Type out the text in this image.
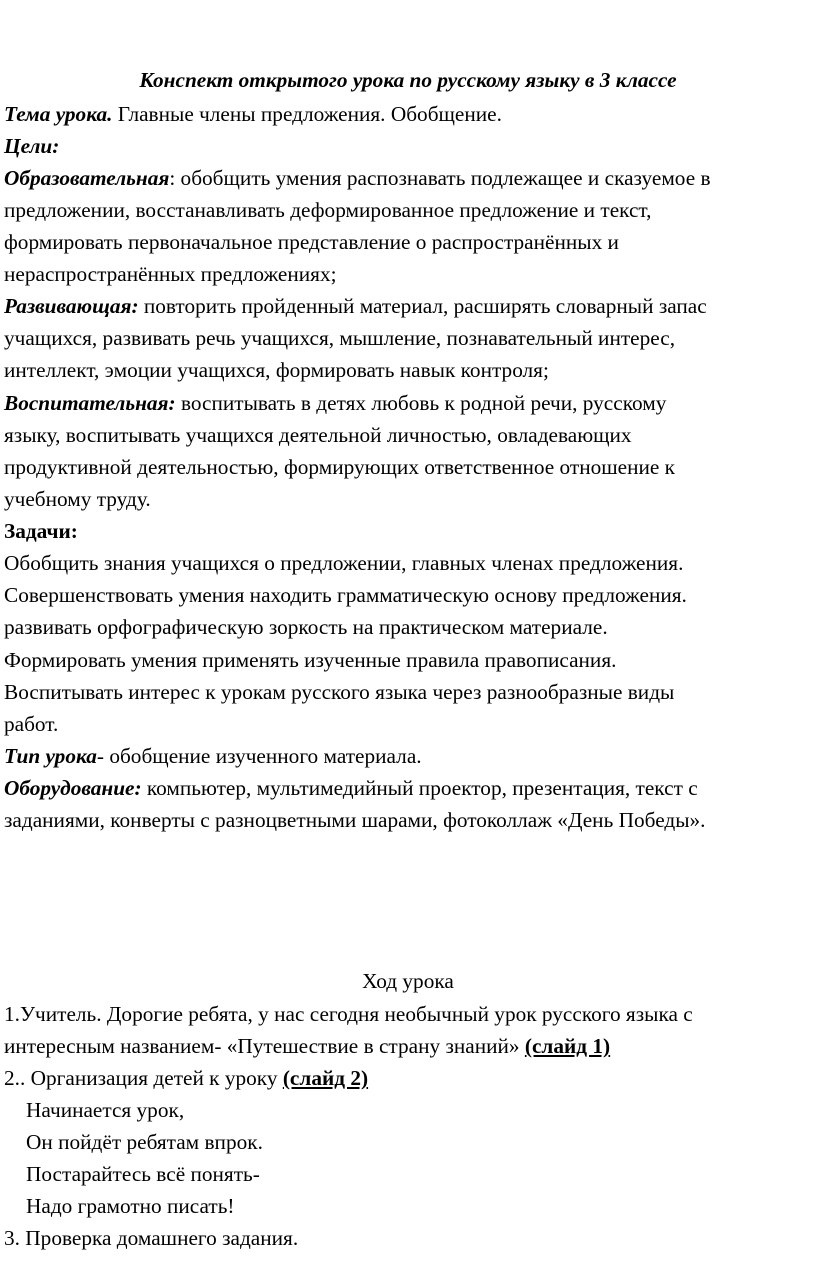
Конспект открытого урока по русскому языку в 3 классе

Тема урока. Главные члены предложения. Обобщение.

Цели:

Образовательная: обобщить умения распознавать подлежащее и сказуемое в

предложении, восстанавливать деформированное предложение и текст,

формировать первоначальное представление о распространённых и

нераспространённых предложениях;

Развивающая: повторить пройденный материал, расширять словарный запас

учащихся, развивать речь учащихся, мышление, познавательный интерес,

интеллект, эмоции учащихся, формировать навык контроля;

Воспитательная: воспитывать в детях любовь к родной речи, русскому

языку, воспитывать учащихся деятельной личностью, овладевающих

продуктивной деятельностью, формирующих ответственное отношение к

учебному труду.

Задачи:

Обобщить знания учащихся о предложении, главных членах предложения.

Совершенствовать умения находить грамматическую основу предложения.

развивать орфографическую зоркость на практическом материале.

Формировать умения применять изученные правила правописания.

Воспитывать интерес к урокам русского языка через разнообразные виды

работ.

Тип урока- обобщение изученного материала.

Оборудование: компьютер, мультимедийный проектор, презентация, текст с

заданиями, конверты с разноцветными шарами, фотоколлаж «День Победы».

Ход урока

1.Учитель. Дорогие ребята, у нас сегодня необычный урок русского языка с

интересным названием- «Путешествие в страну знаний» (слайд 1)

2.. Организация детей к уроку (слайд 2)

Начинается урок,

Он пойдёт ребятам впрок.

Постарайтесь всё понять-

Надо грамотно писать!

3. Проверка домашнего задания.
